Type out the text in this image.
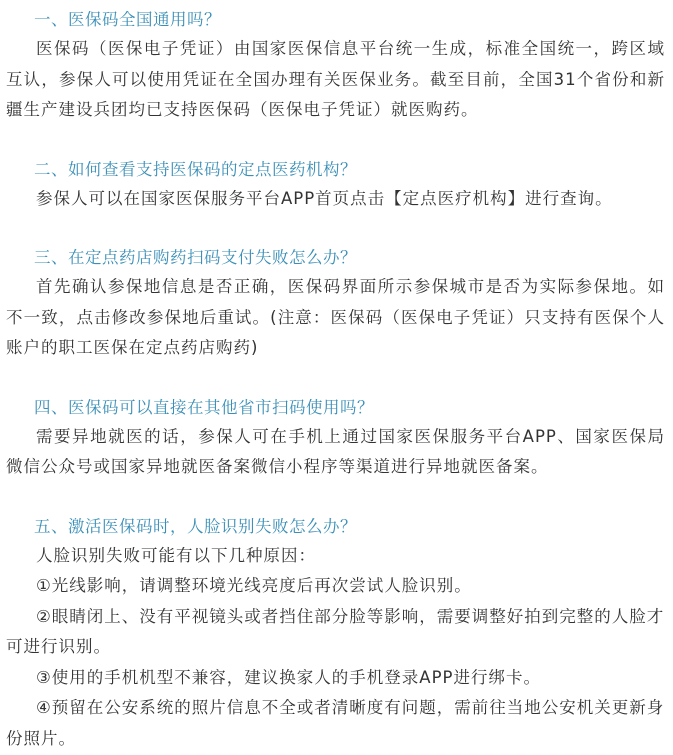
一、医保码全国通用吗？

医保码（医保电子凭证）由国家医保信息平台统一生成，标准全国统一，跨区域互认，参保人可以使用凭证在全国办理有关医保业务。截至目前，全国31个省份和新疆生产建设兵团均已支持医保码（医保电子凭证）就医购药。

二、如何查看支持医保码的定点医药机构？

参保人可以在国家医保服务平台APP首页点击【定点医疗机构】进行查询。

三、在定点药店购药扫码支付失败怎么办？

首先确认参保地信息是否正确，医保码界面所示参保城市是否为实际参保地。如不一致，点击修改参保地后重试。(注意：医保码（医保电子凭证）只支持有医保个人账户的职工医保在定点药店购药)

四、医保码可以直接在其他省市扫码使用吗？

需要异地就医的话，参保人可在手机上通过国家医保服务平台APP、国家医保局微信公众号或国家异地就医备案微信小程序等渠道进行异地就医备案。

五、激活医保码时，人脸识别失败怎么办？

人脸识别失败可能有以下几种原因：

①光线影响，请调整环境光线亮度后再次尝试人脸识别。

②眼睛闭上、没有平视镜头或者挡住部分脸等影响，需要调整好拍到完整的人脸才可进行识别。

③使用的手机机型不兼容，建议换家人的手机登录APP进行绑卡。

④预留在公安系统的照片信息不全或者清晰度有问题，需前往当地公安机关更新身份照片。
